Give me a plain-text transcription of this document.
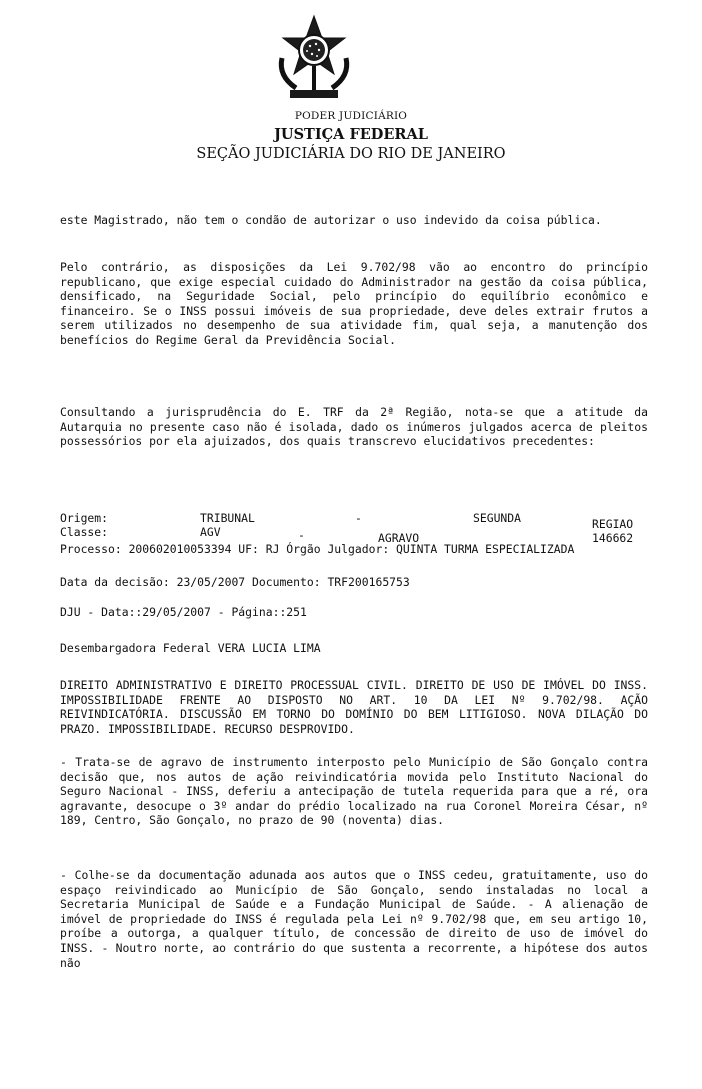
PODER JUDICIÁRIO
JUSTIÇA FEDERAL
SEÇÃO JUDICIÁRIA DO RIO DE JANEIRO

este Magistrado, não tem o condão de autorizar o uso indevido da coisa pública.

Pelo contrário, as disposições da Lei 9.702/98 vão ao encontro do princípio republicano, que exige especial cuidado do Administrador na gestão da coisa pública, densificado, na Seguridade Social, pelo princípio do equilíbrio econômico e financeiro. Se o INSS possui imóveis de sua propriedade, deve deles extrair frutos a serem utilizados no desempenho de sua atividade fim, qual seja, a manutenção dos benefícios do Regime Geral da Previdência Social.

Consultando a jurisprudência do E. TRF da 2ª Região, nota-se que a atitude da Autarquia no presente caso não é isolada, dado os inúmeros julgados acerca de pleitos possessórios por ela ajuizados, dos quais transcrevo elucidativos precedentes:

Origem:	TRIBUNAL	-	SEGUNDA	REGIAO
Classe:	AGV	-	AGRAVO	146662

Processo: 200602010053394 UF: RJ Órgão Julgador: QUINTA TURMA ESPECIALIZADA

Data da decisão: 23/05/2007 Documento: TRF200165753
DJU - Data::29/05/2007 - Página::251
Desembargadora Federal VERA LUCIA LIMA

DIREITO ADMINISTRATIVO E DIREITO PROCESSUAL CIVIL. DIREITO DE USO DE IMÓVEL DO INSS. IMPOSSIBILIDADE FRENTE AO DISPOSTO NO ART. 10 DA LEI Nº 9.702/98. AÇÃO REIVINDICATÓRIA. DISCUSSÃO EM TORNO DO DOMÍNIO DO BEM LITIGIOSO. NOVA DILAÇÃO DO PRAZO. IMPOSSIBILIDADE. RECURSO DESPROVIDO.

- Trata-se de agravo de instrumento interposto pelo Município de São Gonçalo contra decisão que, nos autos de ação reivindicatória movida pelo Instituto Nacional do Seguro Nacional - INSS, deferiu a antecipação de tutela requerida para que a ré, ora agravante, desocupe o 3º andar do prédio localizado na rua Coronel Moreira César, nº 189, Centro, São Gonçalo, no prazo de 90 (noventa) dias.

- Colhe-se da documentação adunada aos autos que o INSS cedeu, gratuitamente, uso do espaço reivindicado ao Município de São Gonçalo, sendo instaladas no local a Secretaria Municipal de Saúde e a Fundação Municipal de Saúde. - A alienação de imóvel de propriedade do INSS é regulada pela Lei nº 9.702/98 que, em seu artigo 10, proíbe a outorga, a qualquer título, de concessão de direito de uso de imóvel do INSS. - Noutro norte, ao contrário do que sustenta a recorrente, a hipótese dos autos não
